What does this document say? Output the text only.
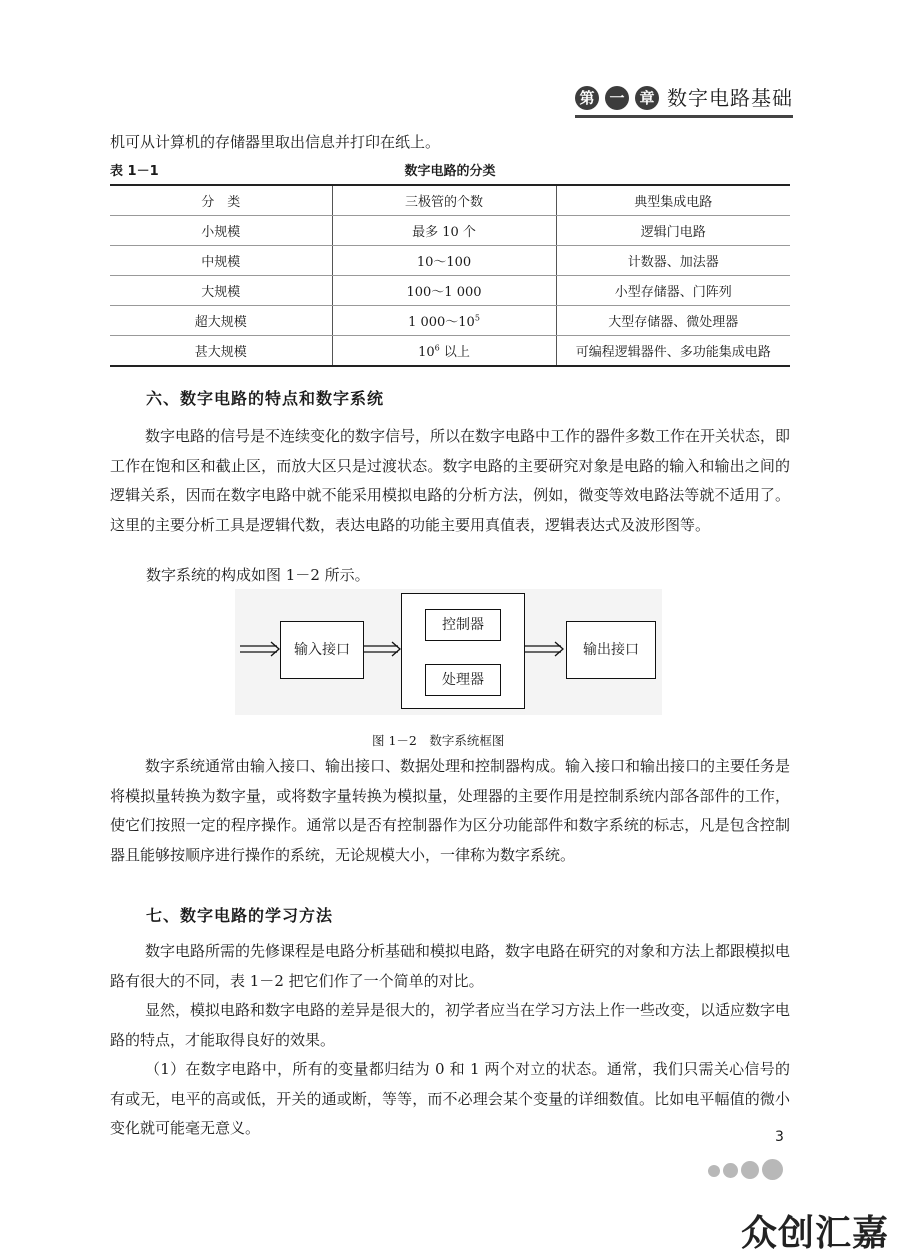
第 一 章 数字电路基础
机可从计算机的存储器里取出信息并打印在纸上。
表 1－1	数字电路的分类
分　类	三极管的个数	典型集成电路
小规模	最多 10 个	逻辑门电路
中规模	10～100	计数器、加法器
大规模	100～1 000	小型存储器、门阵列
超大规模	1 $000\sim 10^5$	大型存储器、微处理器
甚大规模	$10^6$ 以上	可编程逻辑器件、多功能集成电路
六、数字电路的特点和数字系统
数字电路的信号是不连续变化的数字信号，所以在数字电路中工作的器件多数工作在开关状态，即工作在饱和区和截止区，而放大区只是过渡状态。数字电路的主要研究对象是电路的输入和输出之间的逻辑关系，因而在数字电路中就不能采用模拟电路的分析方法，例如，微变等效电路法等就不适用了。这里的主要分析工具是逻辑代数，表达电路的功能主要用真值表，逻辑表达式及波形图等。
数字系统的构成如图 1－2 所示。
输入接口
控制器
处理器
输出接口
图 1－2　数字系统框图
数字系统通常由输入接口、输出接口、数据处理和控制器构成。输入接口和输出接口的主要任务是将模拟量转换为数字量，或将数字量转换为模拟量，处理器的主要作用是控制系统内部各部件的工作，使它们按照一定的程序操作。通常以是否有控制器作为区分功能部件和数字系统的标志，凡是包含控制器且能够按顺序进行操作的系统，无论规模大小，一律称为数字系统。
七、数字电路的学习方法
数字电路所需的先修课程是电路分析基础和模拟电路，数字电路在研究的对象和方法上都跟模拟电路有很大的不同，表 1－2 把它们作了一个简单的对比。
显然，模拟电路和数字电路的差异是很大的，初学者应当在学习方法上作一些改变，以适应数字电路的特点，才能取得良好的效果。
（1）在数字电路中，所有的变量都归结为 0 和 1 两个对立的状态。通常，我们只需关心信号的有或无，电平的高或低，开关的通或断，等等，而不必理会某个变量的详细数值。比如电平幅值的微小变化就可能毫无意义。	3
众创汇嘉
